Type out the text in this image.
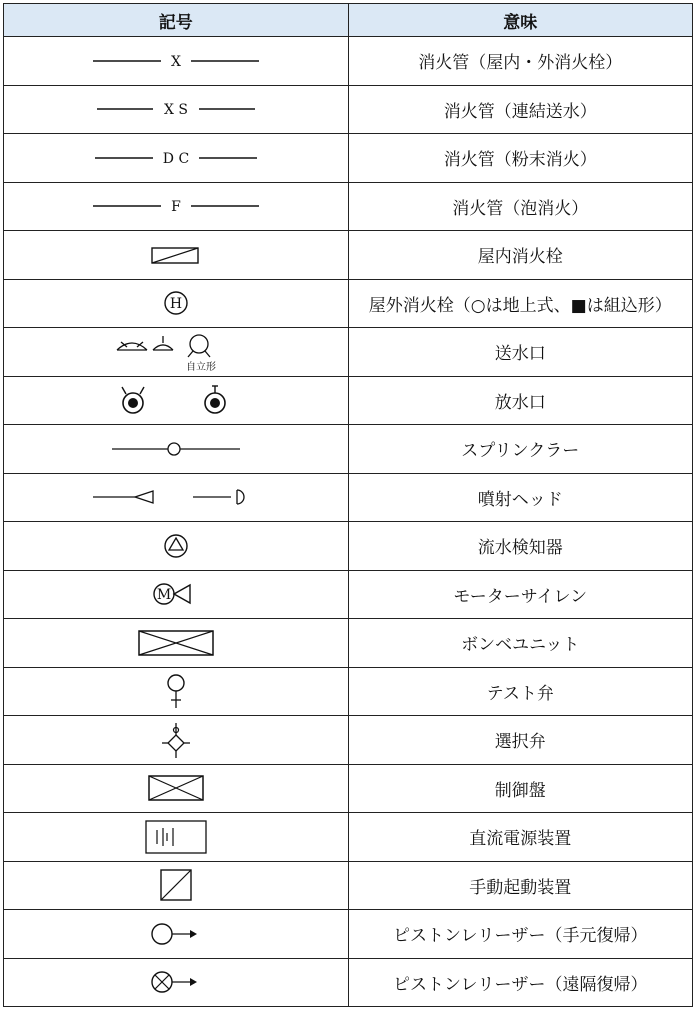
記号	意味

X	消火管（屋内・外消火栓）

X S	消火管（連結送水）

D C	消火管（粉末消火）

F	消火管（泡消火）

	屋内消火栓

H	屋外消火栓（○は地上式、■は組込形）

自立形	送水口

	放水口

	スプリンクラー

	噴射ヘッド

	流水検知器

M	モーターサイレン

	ボンベユニット

	テスト弁

	選択弁

	制御盤

	直流電源装置

	手動起動装置

	ピストンレリーザー（手元復帰）

	ピストンレリーザー（遠隔復帰）
